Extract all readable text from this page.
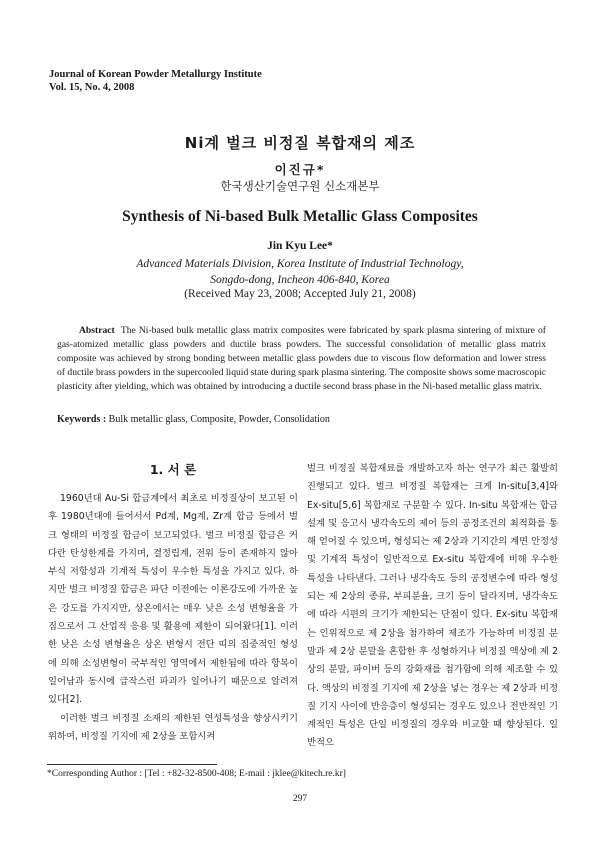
Journal of Korean Powder Metallurgy Institute
Vol. 15, No. 4, 2008
Ni계 벌크 비정질 복합재의 제조
이진규*
한국생산기술연구원 신소재본부
Synthesis of Ni-based Bulk Metallic Glass Composites
Jin Kyu Lee*
Advanced Materials Division, Korea Institute of Industrial Technology,
Songdo-dong, Incheon 406-840, Korea
(Received May 23, 2008; Accepted July 21, 2008)
Abstract The Ni-based bulk metallic glass matrix composites were fabricated by spark plasma sintering of mixture of gas-atomized metallic glass powders and ductile brass powders. The successful consolidation of metallic glass matrix composite was achieved by strong bonding between metallic glass powders due to viscous flow deformation and lower stress of ductile brass powders in the supercooled liquid state during spark plasma sintering. The composite shows some macroscopic plasticity after yielding, which was obtained by introducing a ductile second brass phase in the Ni-based metallic glass matrix.
Keywords : Bulk metallic glass, Composite, Powder, Consolidation
1. 서 론

1960년대 Au-Si 합금계에서 최초로 비정질상이 보고된 이후 1980년대에 들어서서 Pd계, Mg계, Zr계 합금 등에서 벌크 형태의 비정질 합금이 보고되었다. 벌크 비정질 합금은 커다란 탄성한계를 가지며, 결정립계, 전위 등이 존재하지 않아 부식 저항성과 기계적 특성이 우수한 특성을 가지고 있다. 하지만 벌크 비정질 합금은 파단 이전에는 이론강도에 가까운 높은 강도를 가지지만, 상온에서는 매우 낮은 소성 변형율을 가짐으로서 그 산업적 응용 및 활용에 제한이 되어왔다[1]. 이러한 낮은 소성 변형율은 상온 변형시 전단 띠의 집중적인 형성에 의해 소성변형이 국부적인 영역에서 제한됨에 따라 항복이 일어남과 동시에 급작스런 파괴가 일어나기 때문으로 알려져 있다[2].

이러한 벌크 비정질 소재의 제한된 연성특성을 향상시키기 위하여, 비정질 기지에 제 2상을 포함시켜

벌크 비정질 복합재료를 개발하고자 하는 연구가 최근 활발히 진행되고 있다. 벌크 비정질 복합재는 크게 In-situ[3,4]와 Ex-situ[5,6] 복합재로 구분할 수 있다. In-situ 복합재는 합금설계 및 응고시 냉각속도의 제어 등의 공정조건의 최적화를 통해 얻어질 수 있으며, 형성되는 제 2상과 기지간의 계면 안정성 및 기계적 특성이 일반적으로 Ex-situ 복합재에 비해 우수한 특성을 나타낸다. 그러나 냉각속도 등의 공정변수에 따라 형성되는 제 2상의 종류, 부피분율, 크기 등이 달라지며, 냉각속도에 따라 시편의 크기가 제한되는 단점이 있다. Ex-situ 복합재는 인위적으로 제 2상을 첨가하여 제조가 가능하며 비정질 분말과 제 2상 분말을 혼합한 후 성형하거나 비정질 액상에 제 2상의 분말, 파이버 등의 강화재를 첨가함에 의해 제조할 수 있다. 액상의 비정질 기지에 제 2상을 넣는 경우는 제 2상과 비정질 기지 사이에 반응층이 형성되는 경우도 있으나 전반적인 기계적인 특성은 단일 비정질의 경우와 비교할 때 향상된다. 일반적으

*Corresponding Author : [Tel : +82-32-8500-408; E-mail : jklee@kitech.re.kr]
297
